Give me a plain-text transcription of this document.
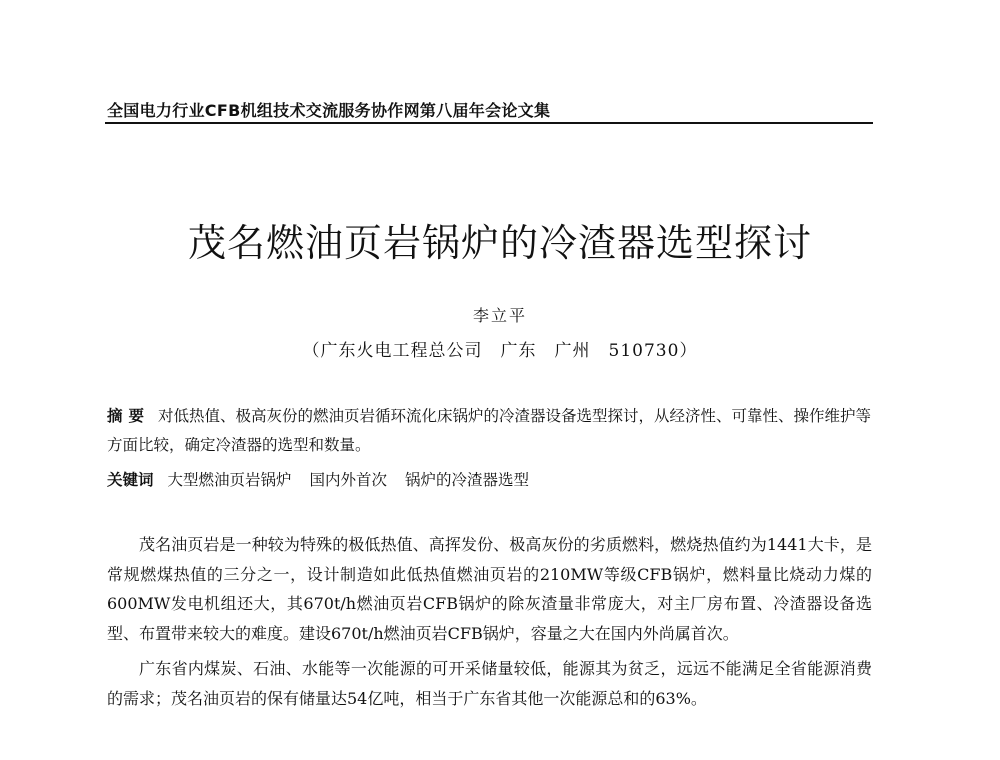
全国电力行业CFB机组技术交流服务协作网第八届年会论文集
茂名燃油页岩锅炉的冷渣器选型探讨
李立平
（广东火电工程总公司　广东　广州　510730）
摘要 对低热值、极高灰份的燃油页岩循环流化床锅炉的冷渣器设备选型探讨，从经济性、可靠性、操作维护等方面比较，确定冷渣器的选型和数量。
关键词 大型燃油页岩锅炉 国内外首次 锅炉的冷渣器选型

茂名油页岩是一种较为特殊的极低热值、高挥发份、极高灰份的劣质燃料，燃烧热值约为1441大卡，是常规燃煤热值的三分之一，设计制造如此低热值燃油页岩的210MW等级CFB锅炉，燃料量比烧动力煤的600MW发电机组还大，其670t/h燃油页岩CFB锅炉的除灰渣量非常庞大，对主厂房布置、冷渣器设备选型、布置带来较大的难度。建设670t/h燃油页岩CFB锅炉，容量之大在国内外尚属首次。

广东省内煤炭、石油、水能等一次能源的可开采储量较低，能源其为贫乏，远远不能满足全省能源消费的需求；茂名油页岩的保有储量达54亿吨，相当于广东省其他一次能源总和的63%。
